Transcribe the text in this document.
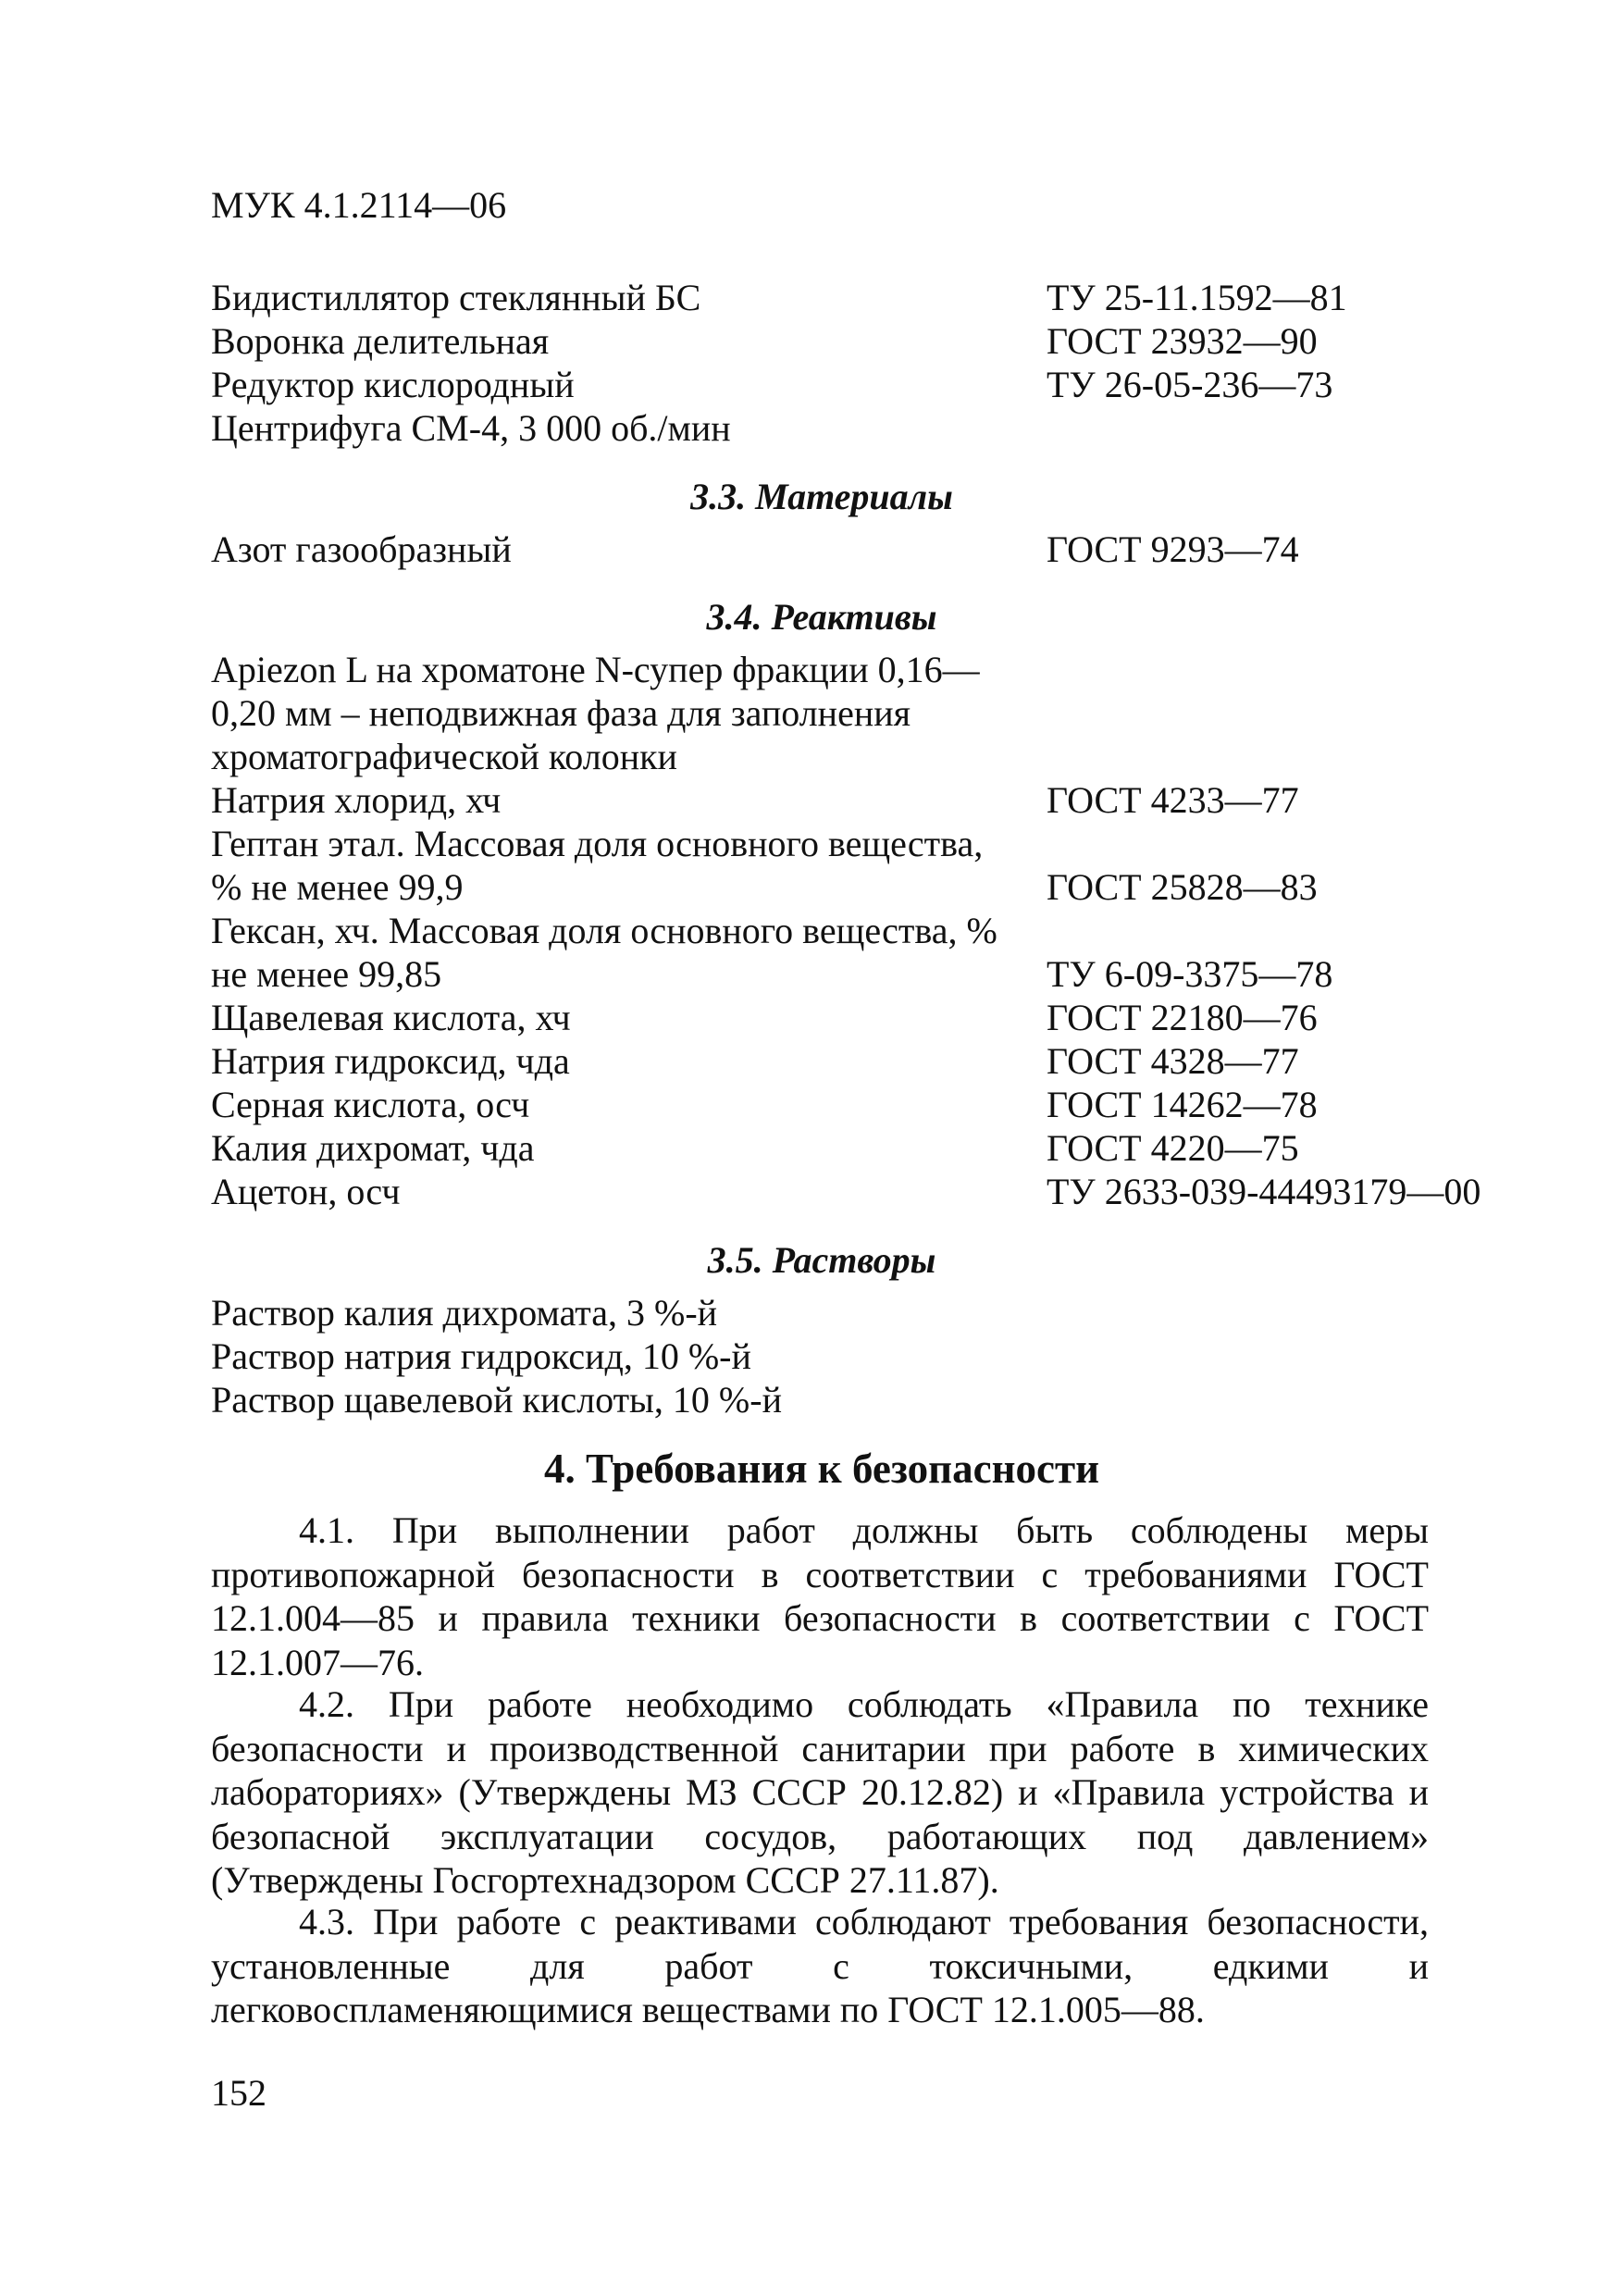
МУК 4.1.2114—06
Бидистиллятор стеклянный БС	ТУ 25-11.1592—81
Воронка делительная	ГОСТ 23932—90
Редуктор кислородный	ТУ 26-05-236—73
Центрифуга СМ-4, 3 000 об./мин
3.3. Материалы
Азот газообразный	ГОСТ 9293—74
3.4. Реактивы
Apiezon L на хроматоне N-супер фракции 0,16—
0,20 мм – неподвижная фаза для заполнения
хроматографической колонки
Натрия хлорид, хч	ГОСТ 4233—77
Гептан этал. Массовая доля основного вещества,
% не менее 99,9	ГОСТ 25828—83
Гексан, хч. Массовая доля основного вещества, %
не менее 99,85	ТУ 6-09-3375—78
Щавелевая кислота, хч	ГОСТ 22180—76
Натрия гидроксид, чда	ГОСТ 4328—77
Серная кислота, осч	ГОСТ 14262—78
Калия дихромат, чда	ГОСТ 4220—75
Ацетон, осч	ТУ 2633-039-44493179—00
3.5. Растворы
Раствор калия дихромата, 3 %-й
Раствор натрия гидроксид, 10 %-й
Раствор щавелевой кислоты, 10 %-й
4. Требования к безопасности

4.1. При выполнении работ должны быть соблюдены меры противопожарной безопасности в соответствии с требованиями ГОСТ 12.1.004—85 и правила техники безопасности в соответствии с ГОСТ 12.1.007—76.

4.2. При работе необходимо соблюдать «Правила по технике безопасности и производственной санитарии при работе в химических лабораториях» (Утверждены МЗ СССР 20.12.82) и «Правила устройства и безопасной эксплуатации сосудов, работающих под давлением» (Утверждены Госгортехнадзором СССР 27.11.87).

4.3. При работе с реактивами соблюдают требования безопасности, установленные для работ с токсичными, едкими и легковоспламеняющимися веществами по ГОСТ 12.1.005—88.

152
